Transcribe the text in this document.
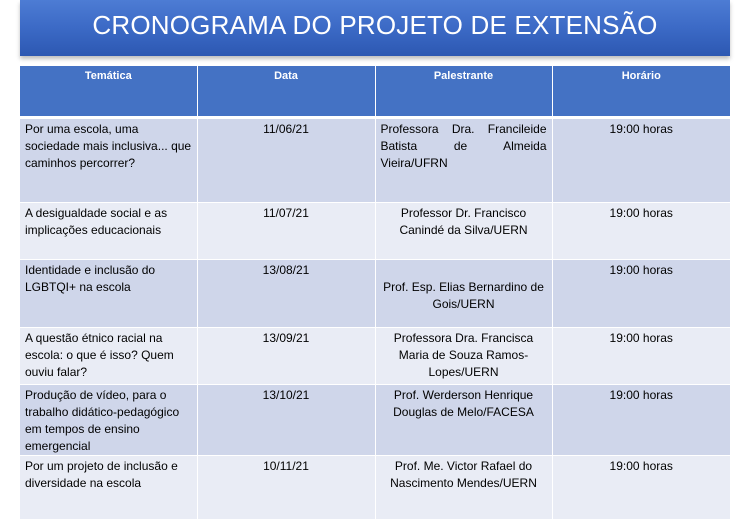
CRONOGRAMA DO PROJETO DE EXTENSÃO
Temática	Data	Palestrante	Horário
Por uma escola, uma sociedade mais inclusiva... que caminhos percorrer?	11/06/21	Professora Dra. Francileide Batista de Almeida Vieira/UFRN	19:00 horas
A desigualdade social e as implicações educacionais	11/07/21	Professor Dr. Francisco Canindé da Silva/UERN	19:00 horas
Identidade e inclusão do LGBTQI+ na escola	13/08/21	Prof. Esp. Elias Bernardino de Gois/UERN	19:00 horas
A questão étnico racial na escola: o que é isso? Quem ouviu falar?	13/09/21	Professora Dra. Francisca Maria de Souza Ramos-Lopes/UERN	19:00 horas
Produção de vídeo, para o trabalho didático-pedagógico em tempos de ensino emergencial	13/10/21	Prof. Werderson Henrique Douglas de Melo/FACESA	19:00 horas
Por um projeto de inclusão e diversidade na escola	10/11/21	Prof. Me. Victor Rafael do Nascimento Mendes/UERN	19:00 horas
